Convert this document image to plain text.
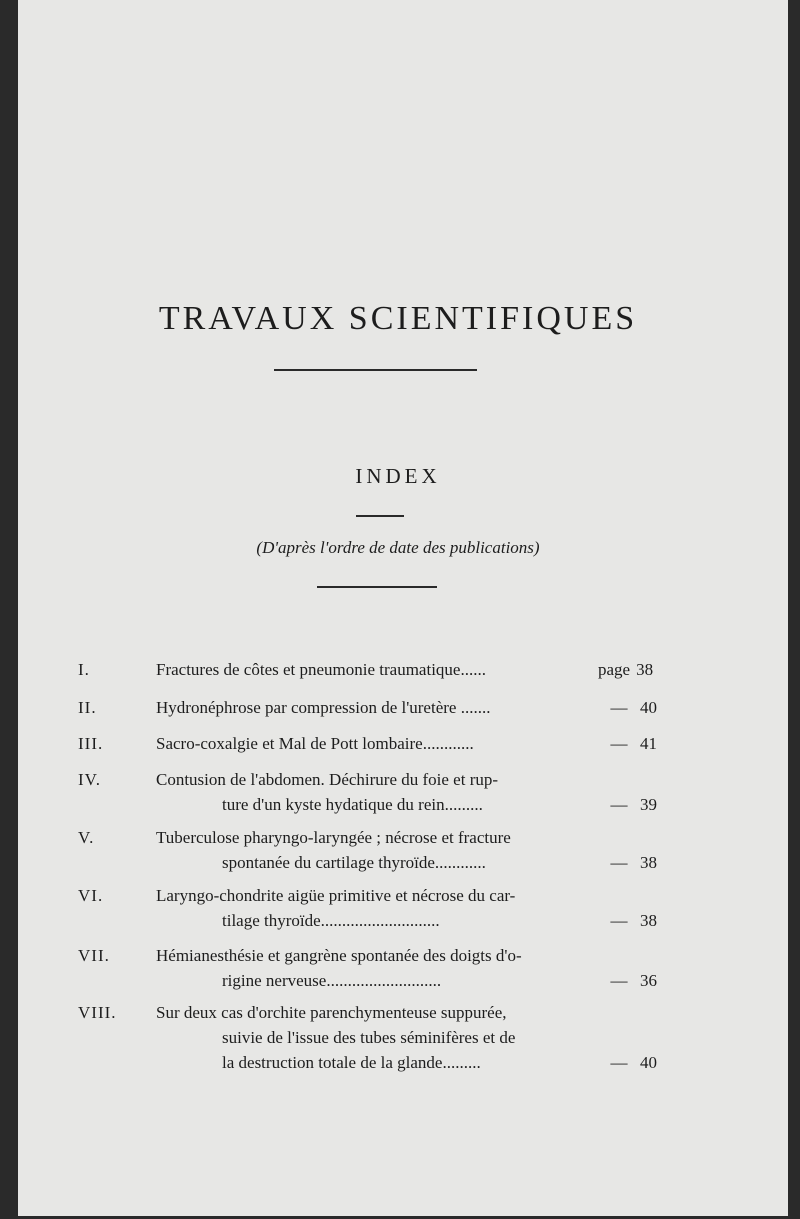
TRAVAUX SCIENTIFIQUES
INDEX
(D'après l'ordre de date des publications)
I.	Fractures de côtes et pneumonie traumatique......	page 38
II.	Hydronéphrose par compression de l'uretère .......	— 40
III.	Sacro-coxalgie et Mal de Pott lombaire............	— 41
IV.	Contusion de l'abdomen. Déchirure du foie et rup-
ture d'un kyste hydatique du rein.........	— 39
V.	Tuberculose pharyngo-laryngée ; nécrose et fracture
spontanée du cartilage thyroïde............	— 38
VI.	Laryngo-chondrite aigüe primitive et nécrose du car-
tilage thyroïde............................	— 38
VII.	Hémianesthésie et gangrène spontanée des doigts d'o-
rigine nerveuse...........................	— 36
VIII.	Sur deux cas d'orchite parenchymenteuse suppurée,
suivie de l'issue des tubes séminifères et de
la destruction totale de la glande.........	— 40
